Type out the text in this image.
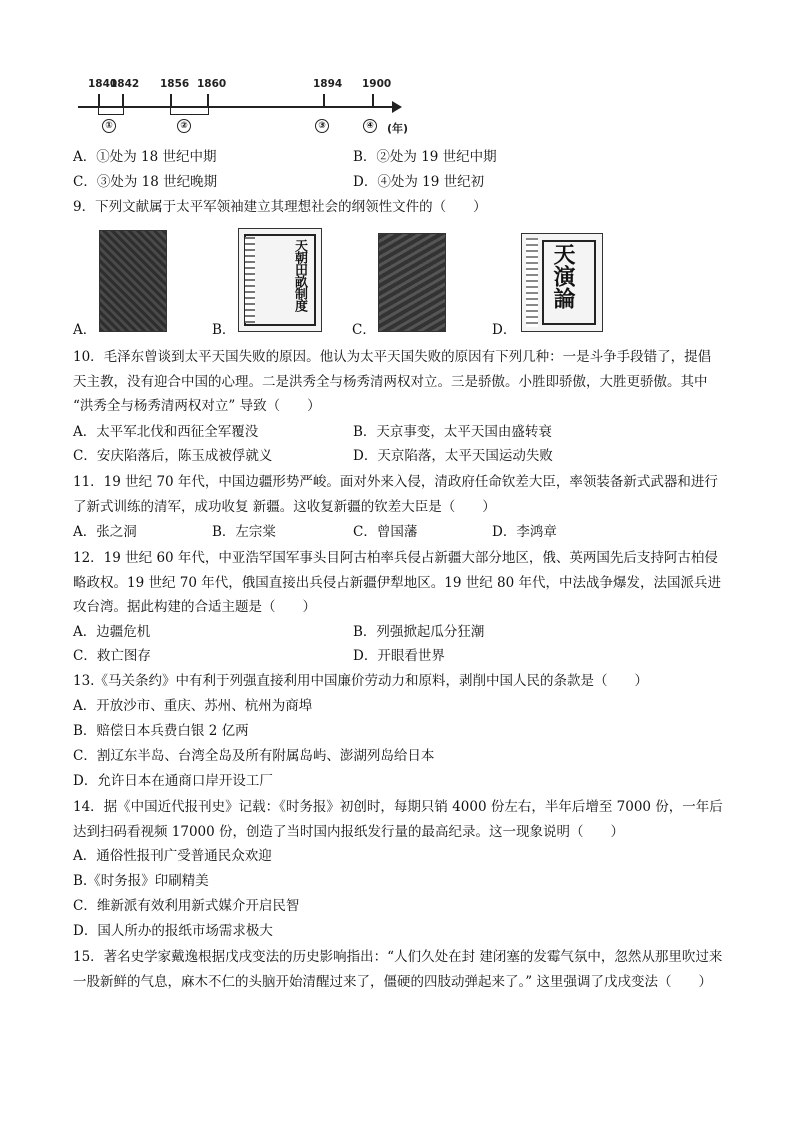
1840
1842 1856 1860	1894 1900
①	②	③	④ (年)
A．①处为 18 世纪中期	B．②处为 19 世纪中期
C．③处为 18 世纪晚期	D．④处为 19 世纪初
9．下列文献属于太平军领袖建立其理想社会的纲领性文件的（　　）
天朝田畝制度	天演論
A．	B．	C．	D．
10．毛泽东曾谈到太平天国失败的原因。他认为太平天国失败的原因有下列几种：一是斗争手段错了，提倡天主教，没有迎合中国的心理。二是洪秀全与杨秀清两权对立。三是骄傲。小胜即骄傲，大胜更骄傲。其中 “洪秀全与杨秀清两权对立” 导致（　　）
A．太平军北伐和西征全军覆没	B．天京事变，太平天国由盛转衰
C．安庆陷落后，陈玉成被俘就义	D．天京陷落，太平天国运动失败
11．19 世纪 70 年代，中国边疆形势严峻。面对外来入侵，清政府任命钦差大臣，率领装备新式武器和进行了新式训练的清军，成功收复 新疆。这收复新疆的钦差大臣是（　　）
A．张之洞	B．左宗棠	C．曾国藩	D．李鸿章
12．19 世纪 60 年代，中亚浩罕国军事头目阿古柏率兵侵占新疆大部分地区，俄、英两国先后支持阿古柏侵略政权。19 世纪 70 年代，俄国直接出兵侵占新疆伊犁地区。19 世纪 80 年代，中法战争爆发，法国派兵进攻台湾。据此构建的合适主题是（　　）
A．边疆危机	B．列强掀起瓜分狂潮
C．救亡图存	D．开眼看世界
13.《马关条约》中有利于列强直接利用中国廉价劳动力和原料，剥削中国人民的条款是（　　）
A．开放沙市、重庆、苏州、杭州为商埠
B．赔偿日本兵费白银 2 亿两
C．割辽东半岛、台湾全岛及所有附属岛屿、澎湖列岛给日本
D．允许日本在通商口岸开设工厂
14．据《中国近代报刊史》记载：《时务报》初创时，每期只销 4000 份左右，半年后增至 7000 份，一年后达到扫码看视频 17000 份，创造了当时国内报纸发行量的最高纪录。这一现象说明（　　）
A．通俗性报刊广受普通民众欢迎
B.《时务报》印刷精美
C．维新派有效利用新式媒介开启民智
D．国人所办的报纸市场需求极大
15．著名史学家戴逸根据戊戌变法的历史影响指出：“人们久处在封 建闭塞的发霉气氛中，忽然从那里吹过来一股新鲜的气息，麻木不仁的头脑开始清醒过来了，僵硬的四肢动弹起来了。” 这里强调了戊戌变法（　　）
